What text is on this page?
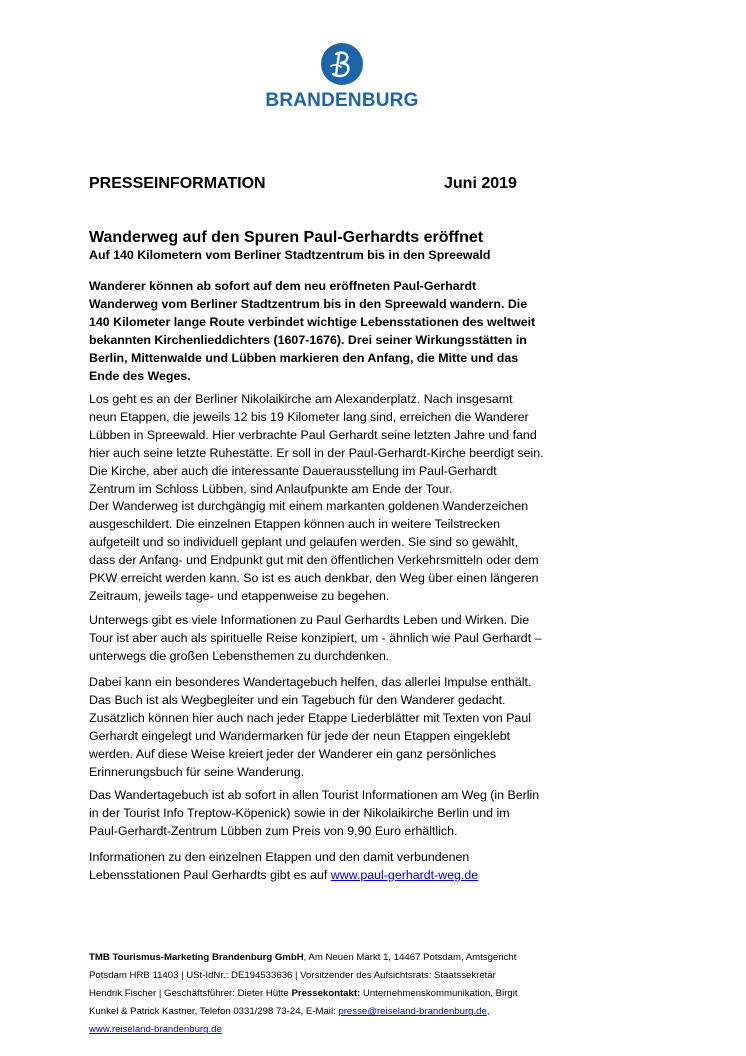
BRANDENBURG
PRESSEINFORMATION	Juni 2019
Wanderweg auf den Spuren Paul-Gerhardts eröffnet
Auf 140 Kilometern vom Berliner Stadtzentrum bis in den Spreewald
Wanderer können ab sofort auf dem neu eröffneten Paul-Gerhardt
Wanderweg vom Berliner Stadtzentrum bis in den Spreewald wandern. Die
140 Kilometer lange Route verbindet wichtige Lebensstationen des weltweit
bekannten Kirchenlieddichters (1607-1676). Drei seiner Wirkungsstätten in
Berlin, Mittenwalde und Lübben markieren den Anfang, die Mitte und das
Ende des Weges.
Los geht es an der Berliner Nikolaikirche am Alexanderplatz. Nach insgesamt
neun Etappen, die jeweils 12 bis 19 Kilometer lang sind, erreichen die Wanderer
Lübben in Spreewald. Hier verbrachte Paul Gerhardt seine letzten Jahre und fand
hier auch seine letzte Ruhestätte. Er soll in der Paul-Gerhardt-Kirche beerdigt sein.
Die Kirche, aber auch die interessante Dauerausstellung im Paul-Gerhardt
Zentrum im Schloss Lübben, sind Anlaufpunkte am Ende der Tour.
Der Wanderweg ist durchgängig mit einem markanten goldenen Wanderzeichen
ausgeschildert. Die einzelnen Etappen können auch in weitere Teilstrecken
aufgeteilt und so individuell geplant und gelaufen werden. Sie sind so gewählt,
dass der Anfang- und Endpunkt gut mit den öffentlichen Verkehrsmitteln oder dem
PKW erreicht werden kann. So ist es auch denkbar, den Weg über einen längeren
Zeitraum, jeweils tage- und etappenweise zu begehen.
Unterwegs gibt es viele Informationen zu Paul Gerhardts Leben und Wirken. Die
Tour ist aber auch als spirituelle Reise konzipiert, um - ähnlich wie Paul Gerhardt –
unterwegs die großen Lebensthemen zu durchdenken.
Dabei kann ein besonderes Wandertagebuch helfen, das allerlei Impulse enthält.
Das Buch ist als Wegbegleiter und ein Tagebuch für den Wanderer gedacht.
Zusätzlich können hier auch nach jeder Etappe Liederblätter mit Texten von Paul
Gerhardt eingelegt und Wandermarken für jede der neun Etappen eingeklebt
werden. Auf diese Weise kreiert jeder der Wanderer ein ganz persönliches
Erinnerungsbuch für seine Wanderung.
Das Wandertagebuch ist ab sofort in allen Tourist Informationen am Weg (in Berlin
in der Tourist Info Treptow-Köpenick) sowie in der Nikolaikirche Berlin und im
Paul-Gerhardt-Zentrum Lübben zum Preis von 9,90 Euro erhältlich.
Informationen zu den einzelnen Etappen und den damit verbundenen
Lebensstationen Paul Gerhardts gibt es auf www.paul-gerhardt-weg.de
TMB Tourismus-Marketing Brandenburg GmbH, Am Neuen Markt 1, 14467 Potsdam, Amtsgericht
Potsdam HRB 11403 | USt-IdNr.: DE194533636 | Vorsitzender des Aufsichtsrats: Staatssekretär
Hendrik Fischer | Geschäftsführer: Dieter Hütte Pressekontakt: Unternehmenskommunikation, Birgit
Kunkel & Patrick Kastner, Telefon 0331/298 73-24, E-Mail: presse@reiseland-brandenburg.de,
www.reiseland-brandenburg.de
